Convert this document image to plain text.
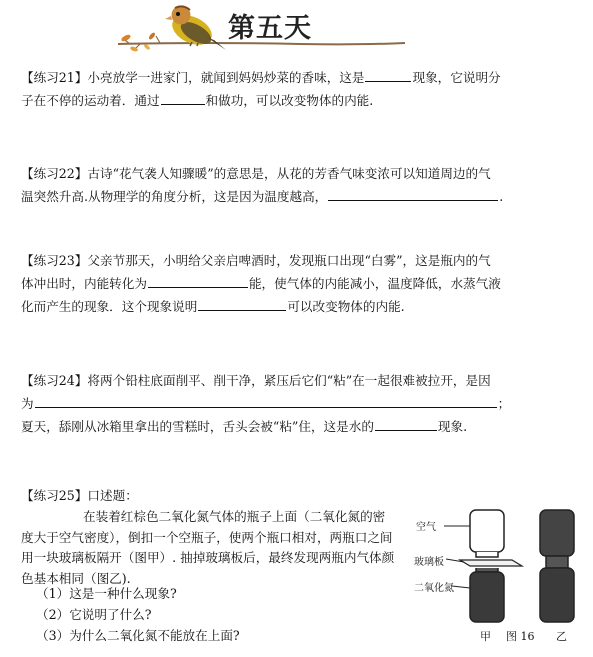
第五天
【练习21】小亮放学一进家门，就闻到妈妈炒菜的香味，这是	现象，它说明分
子在不停的运动着．通过	和做功，可以改变物体的内能.
【练习22】古诗“花气袭人知骤暖”的意思是，从花的芳香气味变浓可以知道周边的气
温突然升高.从物理学的角度分析，这是因为温度越高，	.
【练习23】父亲节那天，小明给父亲启啤酒时，发现瓶口出现“白雾”，这是瓶内的气
体冲出时，内能转化为	能，使气体的内能减小，温度降低，水蒸气液
化而产生的现象．这个现象说明	可以改变物体的内能.
【练习24】将两个铅柱底面削平、削干净，紧压后它们“粘”在一起很难被拉开，是因
为	；
夏天，舔刚从冰箱里拿出的雪糕时，舌头会被“粘”住，这是水的	现象.
【练习25】口述题：
在装着红棕色二氧化氮气体的瓶子上面（二氧化氮的密
度大于空气密度），倒扣一个空瓶子，使两个瓶口相对，两瓶口之间
用一块玻璃板隔开（图甲）. 抽掉玻璃板后，最终发现两瓶内气体颜
色基本相同（图乙).
（1）这是一种什么现象?
（2）它说明了什么?
（3）为什么二氧化氮不能放在上面?
空气
玻璃板
二氧化氮
甲 图 16 乙
